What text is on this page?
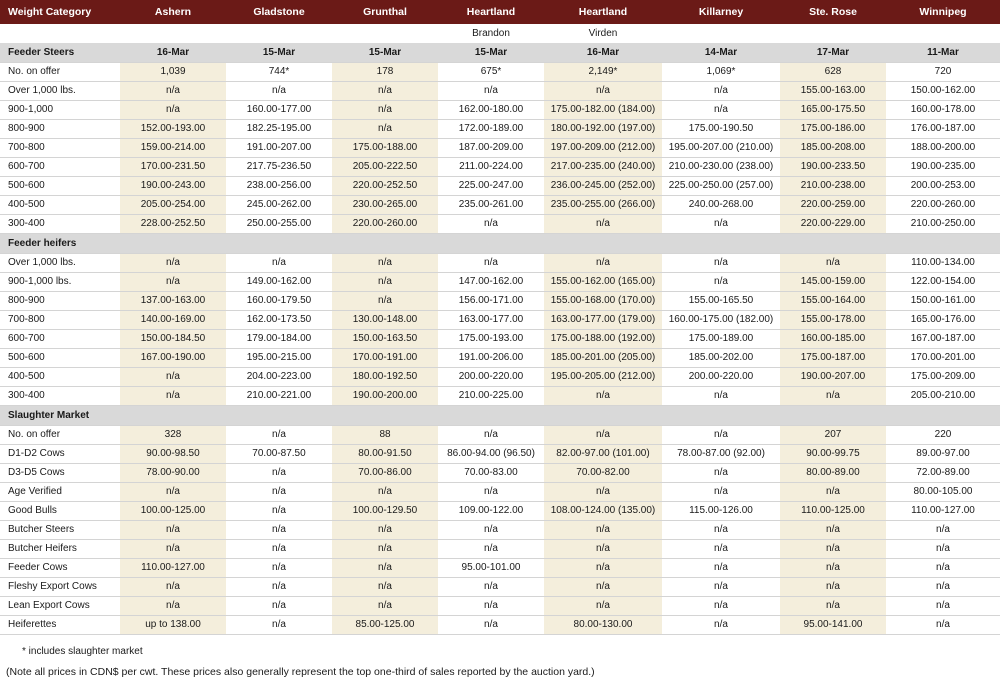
Weight Category	Ashern	Gladstone	Grunthal	Heartland	Heartland	Killarney	Ste. Rose	Winnipeg
				Brandon	Virden			
Feeder Steers	16-Mar	15-Mar	15-Mar	15-Mar	16-Mar	14-Mar	17-Mar	11-Mar
No. on offer	1,039	744*	178	675*	2,149*	1,069*	628	720
Over 1,000 lbs.	n/a	n/a	n/a	n/a	n/a	n/a	155.00-163.00	150.00-162.00
900-1,000	n/a	160.00-177.00	n/a	162.00-180.00	175.00-182.00 (184.00)	n/a	165.00-175.50	160.00-178.00
800-900	152.00-193.00	182.25-195.00	n/a	172.00-189.00	180.00-192.00 (197.00)	175.00-190.50	175.00-186.00	176.00-187.00
700-800	159.00-214.00	191.00-207.00	175.00-188.00	187.00-209.00	197.00-209.00 (212.00)	195.00-207.00 (210.00)	185.00-208.00	188.00-200.00
600-700	170.00-231.50	217.75-236.50	205.00-222.50	211.00-224.00	217.00-235.00 (240.00)	210.00-230.00 (238.00)	190.00-233.50	190.00-235.00
500-600	190.00-243.00	238.00-256.00	220.00-252.50	225.00-247.00	236.00-245.00 (252.00)	225.00-250.00 (257.00)	210.00-238.00	200.00-253.00
400-500	205.00-254.00	245.00-262.00	230.00-265.00	235.00-261.00	235.00-255.00 (266.00)	240.00-268.00	220.00-259.00	220.00-260.00
300-400	228.00-252.50	250.00-255.00	220.00-260.00	n/a	n/a	n/a	220.00-229.00	210.00-250.00
Feeder heifers								
Over 1,000 lbs.	n/a	n/a	n/a	n/a	n/a	n/a	n/a	110.00-134.00
900-1,000 lbs.	n/a	149.00-162.00	n/a	147.00-162.00	155.00-162.00 (165.00)	n/a	145.00-159.00	122.00-154.00
800-900	137.00-163.00	160.00-179.50	n/a	156.00-171.00	155.00-168.00 (170.00)	155.00-165.50	155.00-164.00	150.00-161.00
700-800	140.00-169.00	162.00-173.50	130.00-148.00	163.00-177.00	163.00-177.00 (179.00)	160.00-175.00 (182.00)	155.00-178.00	165.00-176.00
600-700	150.00-184.50	179.00-184.00	150.00-163.50	175.00-193.00	175.00-188.00 (192.00)	175.00-189.00	160.00-185.00	167.00-187.00
500-600	167.00-190.00	195.00-215.00	170.00-191.00	191.00-206.00	185.00-201.00 (205.00)	185.00-202.00	175.00-187.00	170.00-201.00
400-500	n/a	204.00-223.00	180.00-192.50	200.00-220.00	195.00-205.00 (212.00)	200.00-220.00	190.00-207.00	175.00-209.00
300-400	n/a	210.00-221.00	190.00-200.00	210.00-225.00	n/a	n/a	n/a	205.00-210.00
Slaughter Market								
No. on offer	328	n/a	88	n/a	n/a	n/a	207	220
D1-D2 Cows	90.00-98.50	70.00-87.50	80.00-91.50	86.00-94.00 (96.50)	82.00-97.00 (101.00)	78.00-87.00 (92.00)	90.00-99.75	89.00-97.00
D3-D5 Cows	78.00-90.00	n/a	70.00-86.00	70.00-83.00	70.00-82.00	n/a	80.00-89.00	72.00-89.00
Age Verified	n/a	n/a	n/a	n/a	n/a	n/a	n/a	80.00-105.00
Good Bulls	100.00-125.00	n/a	100.00-129.50	109.00-122.00	108.00-124.00 (135.00)	115.00-126.00	110.00-125.00	110.00-127.00
Butcher Steers	n/a	n/a	n/a	n/a	n/a	n/a	n/a	n/a
Butcher Heifers	n/a	n/a	n/a	n/a	n/a	n/a	n/a	n/a
Feeder Cows	110.00-127.00	n/a	n/a	95.00-101.00	n/a	n/a	n/a	n/a
Fleshy Export Cows	n/a	n/a	n/a	n/a	n/a	n/a	n/a	n/a
Lean Export Cows	n/a	n/a	n/a	n/a	n/a	n/a	n/a	n/a
Heiferettes	up to 138.00	n/a	85.00-125.00	n/a	80.00-130.00	n/a	95.00-141.00	n/a
* includes slaughter market
(Note all prices in CDN$ per cwt. These prices also generally represent the top one-third of sales reported by the auction yard.)
